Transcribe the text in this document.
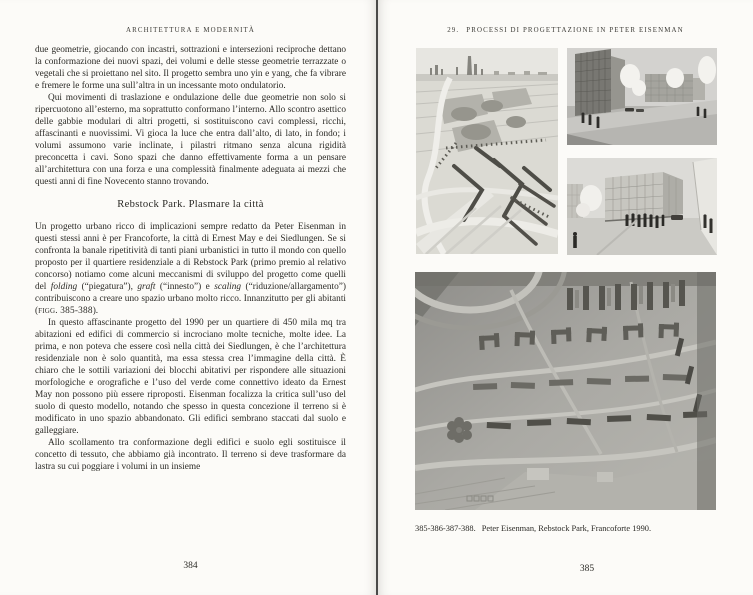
ARCHITETTURA E MODERNITÀ

due geometrie, giocando con incastri, sottrazioni e intersezioni reciproche dettano la conformazione dei nuovi spazi, dei volumi e delle stesse geometrie terrazzate o vegetali che si proiettano nel sito. Il progetto sembra uno yin e yang, che fa vibrare e fremere le forme una sull’altra in un incessante moto ondulatorio.

Qui movimenti di traslazione e ondulazione delle due geometrie non solo si ripercuotono all’esterno, ma soprattutto conformano l’interno. Allo scontro asettico delle gabbie modulari di altri progetti, si sostituiscono cavi complessi, ricchi, affascinanti e nuovissimi. Vi gioca la luce che entra dall’alto, di lato, in fondo; i volumi assumono varie inclinate, i pilastri ritmano senza alcuna rigidità preconcetta i cavi. Sono spazi che danno effettivamente forma a un pensare all’architettura con una forza e una complessità finalmente adeguata ai mezzi che questi anni di fine Novecento stanno trovando.

Rebstock Park. Plasmare la città

Un progetto urbano ricco di implicazioni sempre redatto da Peter Eisenman in questi stessi anni è per Francoforte, la città di Ernest May e dei Siedlungen. Se si confronta la banale ripetitività di tanti piani urbanistici in tutto il mondo con quello proposto per il quartiere residenziale a di Rebstock Park (primo premio al relativo concorso) notiamo come alcuni meccanismi di sviluppo del progetto come quelli del folding (“piegatura”), graft (“innesto”) e scaling (“riduzione/allargamento”) contribuiscono a creare uno spazio urbano molto ricco. Innanzitutto per gli abitanti (figg. 385-388).

In questo affascinante progetto del 1990 per un quartiere di 450 mila mq tra abitazioni ed edifici di commercio si incrociano molte tecniche, molte idee. La prima, e non poteva che essere così nella città dei Siedlungen, è che l’architettura residenziale non è solo quantità, ma essa stessa crea l’immagine della città. È chiaro che le sottili variazioni dei blocchi abitativi per rispondere alle situazioni morfologiche e orografiche e l’uso del verde come connettivo ideato da Ernest May non possono più essere riproposti. Eisenman focalizza la critica sull’uso del suolo di questo modello, notando che spesso in questa concezione il terreno si è modificato in uno spazio abbandonato. Gli edifici sembrano staccati dal suolo e galleggiare.

Allo scollamento tra conformazione degli edifici e suolo egli sostituisce il concetto di tessuto, che abbiamo già incontrato. Il terreno si deve trasformare da lastra su cui poggiare i volumi in un insieme

384
29. PROCESSI DI PROGETTAZIONE IN PETER EISENMAN
385-386-387-388. Peter Eisenman, Rebstock Park, Francoforte 1990.
385
